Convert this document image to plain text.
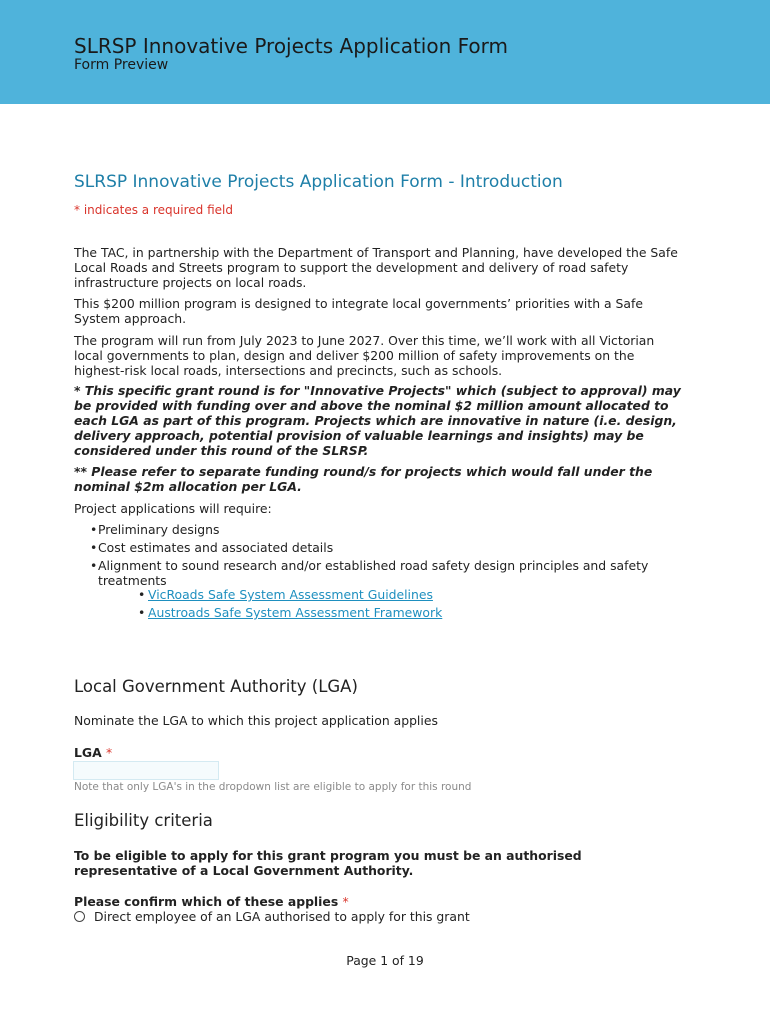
SLRSP Innovative Projects Application Form
Form Preview
SLRSP Innovative Projects Application Form - Introduction
* indicates a required field
The TAC, in partnership with the Department of Transport and Planning, have developed the Safe Local Roads and Streets program to support the development and delivery of road safety infrastructure projects on local roads.
This $200 million program is designed to integrate local governments’ priorities with a Safe System approach.
The program will run from July 2023 to June 2027. Over this time, we’ll work with all Victorian local governments to plan, design and deliver $200 million of safety improvements on the highest-risk local roads, intersections and precincts, such as schools.
* This specific grant round is for "Innovative Projects" which (subject to approval) may be provided with funding over and above the nominal $2 million amount allocated to each LGA as part of this program. Projects which are innovative in nature (i.e. design, delivery approach, potential provision of valuable learnings and insights) may be considered under this round of the SLRSP.
** Please refer to separate funding round/s for projects which would fall under the nominal $2m allocation per LGA.
Project applications will require:
• Preliminary designs
• Cost estimates and associated details
• Alignment to sound research and/or established road safety design principles and safety treatments
• VicRoads Safe System Assessment Guidelines
• Austroads Safe System Assessment Framework
Local Government Authority (LGA)
Nominate the LGA to which this project application applies
LGA *
Note that only LGA's in the dropdown list are eligible to apply for this round
Eligibility criteria
To be eligible to apply for this grant program you must be an authorised representative of a Local Government Authority.
Please confirm which of these applies *
Direct employee of an LGA authorised to apply for this grant
Page 1 of 19
